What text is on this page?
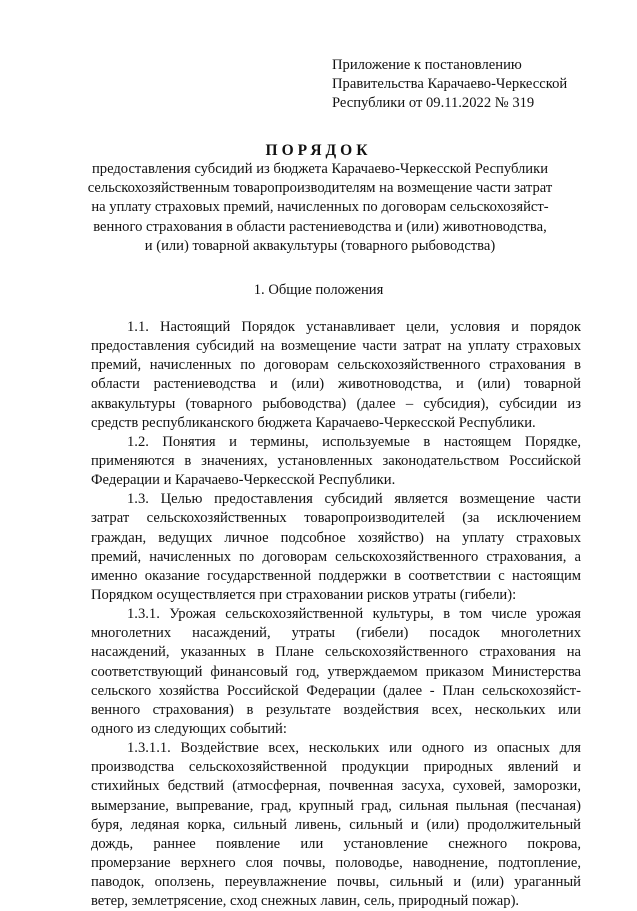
Приложение к постановлению
Правительства Карачаево-Черкесской
Республики от 09.11.2022 № 319
ПОРЯДОК
предоставления субсидий из бюджета Карачаево-Черкесской Республики
сельскохозяйственным товаропроизводителям на возмещение части затрат
на уплату страховых премий, начисленных по договорам сельскохозяйст-
венного страхования в области растениеводства и (или) животноводства,
и (или) товарной аквакультуры (товарного рыбоводства)
1. Общие положения
1.1. Настоящий Порядок устанавливает цели, условия и порядок
предоставления субсидий на возмещение части затрат на уплату страховых
премий, начисленных по договорам сельскохозяйственного страхования в
области растениеводства и (или) животноводства, и (или) товарной
аквакультуры (товарного рыбоводства) (далее – субсидия), субсидии из
средств республиканского бюджета Карачаево-Черкесской Республики.
1.2. Понятия и термины, используемые в настоящем Порядке,
применяются в значениях, установленных законодательством Российской
Федерации и Карачаево-Черкесской Республики.
1.3. Целью предоставления субсидий является возмещение части
затрат сельскохозяйственных товаропроизводителей (за исключением
граждан, ведущих личное подсобное хозяйство) на уплату страховых
премий, начисленных по договорам сельскохозяйственного страхования, а
именно оказание государственной поддержки в соответствии с настоящим
Порядком осуществляется при страховании рисков утраты (гибели):
1.3.1. Урожая сельскохозяйственной культуры, в том числе урожая
многолетних насаждений, утраты (гибели) посадок многолетних
насаждений, указанных в Плане сельскохозяйственного страхования на
соответствующий финансовый год, утверждаемом приказом Министерства
сельского хозяйства Российской Федерации (далее - План сельскохозяйст-
венного страхования) в результате воздействия всех, нескольких или
одного из следующих событий:
1.3.1.1. Воздействие всех, нескольких или одного из опасных для
производства сельскохозяйственной продукции природных явлений и
стихийных бедствий (атмосферная, почвенная засуха, суховей, заморозки,
вымерзание, выпревание, град, крупный град, сильная пыльная (песчаная)
буря, ледяная корка, сильный ливень, сильный и (или) продолжительный
дождь, раннее появление или установление снежного покрова,
промерзание верхнего слоя почвы, половодье, наводнение, подтопление,
паводок, оползень, переувлажнение почвы, сильный и (или) ураганный
ветер, землетрясение, сход снежных лавин, сель, природный пожар).
